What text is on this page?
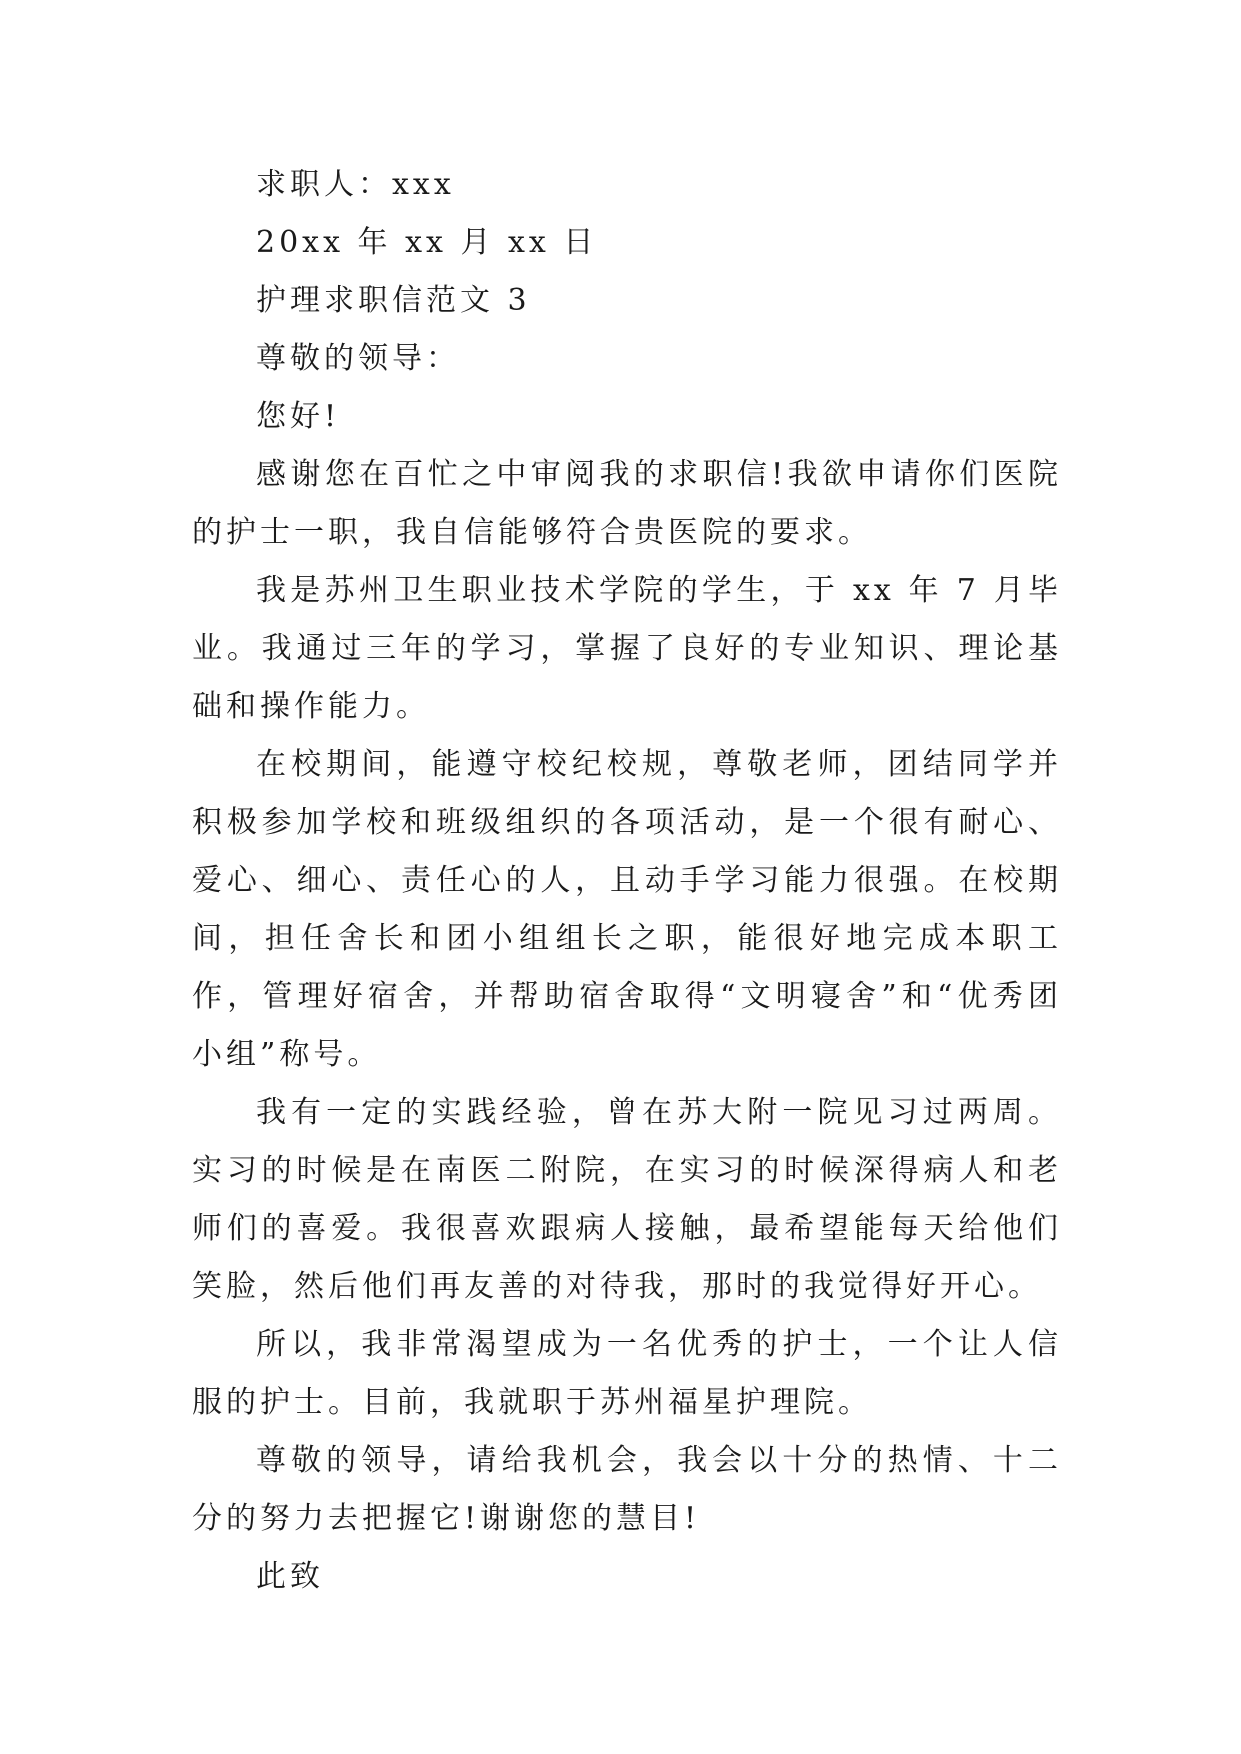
求职人：xxx

20xx 年 xx 月 xx 日

护理求职信范文 3

尊敬的领导：

您好!

感谢您在百忙之中审阅我的求职信!我欲申请你们医院的护士一职，我自信能够符合贵医院的要求。

我是苏州卫生职业技术学院的学生，于 xx 年 7 月毕业。我通过三年的学习，掌握了良好的专业知识、理论基础和操作能力。

在校期间，能遵守校纪校规，尊敬老师，团结同学并积极参加学校和班级组织的各项活动，是一个很有耐心、爱心、细心、责任心的人，且动手学习能力很强。在校期间，担任舍长和团小组组长之职，能很好地完成本职工作，管理好宿舍，并帮助宿舍取得“文明寝舍”和“优秀团小组”称号。

我有一定的实践经验，曾在苏大附一院见习过两周。实习的时候是在南医二附院，在实习的时候深得病人和老师们的喜爱。我很喜欢跟病人接触，最希望能每天给他们笑脸，然后他们再友善的对待我，那时的我觉得好开心。

所以，我非常渴望成为一名优秀的护士，一个让人信服的护士。目前，我就职于苏州福星护理院。

尊敬的领导，请给我机会，我会以十分的热情、十二分的努力去把握它!谢谢您的慧目!

此致
